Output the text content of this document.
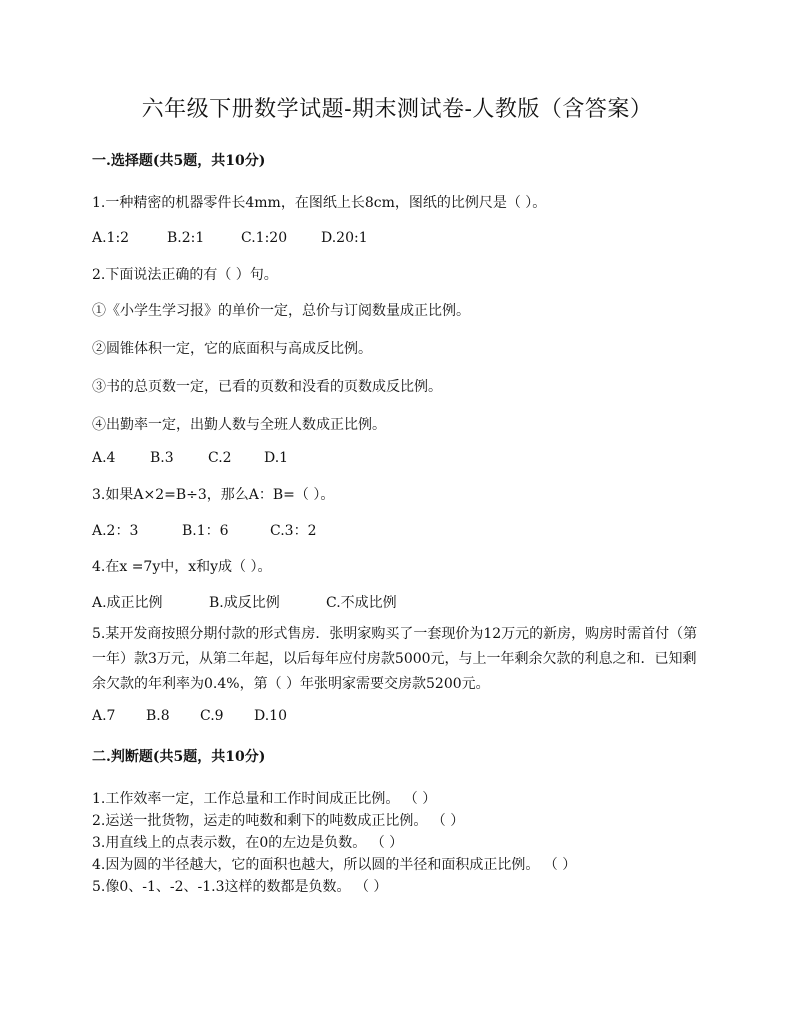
六年级下册数学试题-期末测试卷-人教版（含答案）
一.选择题(共5题，共10分)
1.一种精密的机器零件长4mm，在图纸上长8cm，图纸的比例尺是（ ）。
A.1:2	B.2:1	C.1:20 D.20:1
2.下面说法正确的有（ ）句。
①《小学生学习报》的单价一定，总价与订阅数量成正比例。
②圆锥体积一定，它的底面积与高成反比例。
③书的总页数一定，已看的页数和没看的页数成反比例。
④出勤率一定，出勤人数与全班人数成正比例。
A.4 B.3 C.2 D.1
3.如果A×2=B÷3，那么A：B=（ ）。
A.2：3	B.1：6	C.3：2
4.在x =7y中，x和y成（ ）。
A.成正比例	B.成反比例	C.不成比例
5.某开发商按照分期付款的形式售房．张明家购买了一套现价为12万元的新房，购房时需首付（第一年）款3万元，从第二年起，以后每年应付房款5000元，与上一年剩余欠款的利息之和．已知剩余欠款的年利率为0.4%，第（ ）年张明家需要交房款5200元。
A.7 B.8 C.9 D.10
二.判断题(共5题，共10分)
1.工作效率一定，工作总量和工作时间成正比例。 （ ）
2.运送一批货物，运走的吨数和剩下的吨数成正比例。 （ ）
3.用直线上的点表示数，在0的左边是负数。 （ ）
4.因为圆的半径越大，它的面积也越大，所以圆的半径和面积成正比例。 （ ）
5.像0、-1、-2、-1.3这样的数都是负数。 （ ）
